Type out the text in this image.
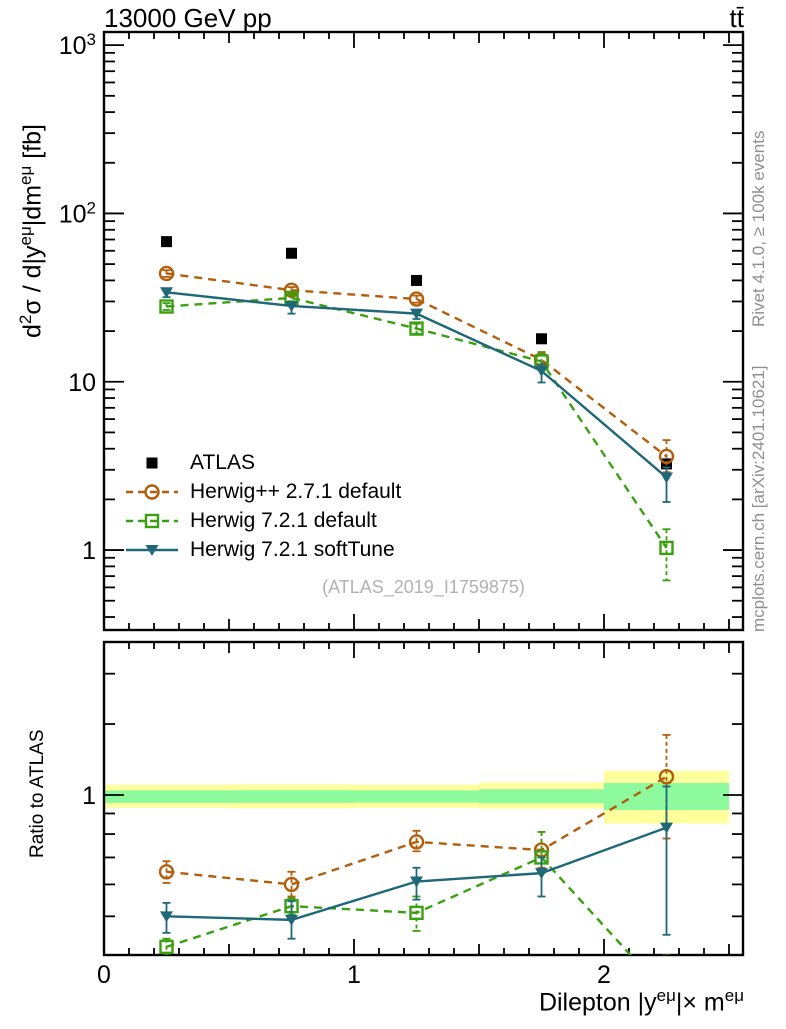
1
10
$10^2$
$10^3$
1
0	1	2
13000 GeV pp	tt̄
$d^2\sigma / d|y^{e\mu}|dm^{e\mu}$ [fb]
Ratio to ATLAS
Rivet 4.1.0, ≥ 100k events
mcplots.cern.ch [arXiv:2401.10621]
(ATLAS_2019_I1759875)
Dilepton $|y^{e\mu}|\times m^{e\mu}$
ATLAS
Herwig++ 2.7.1 default
Herwig 7.2.1 default
Herwig 7.2.1 softTune
